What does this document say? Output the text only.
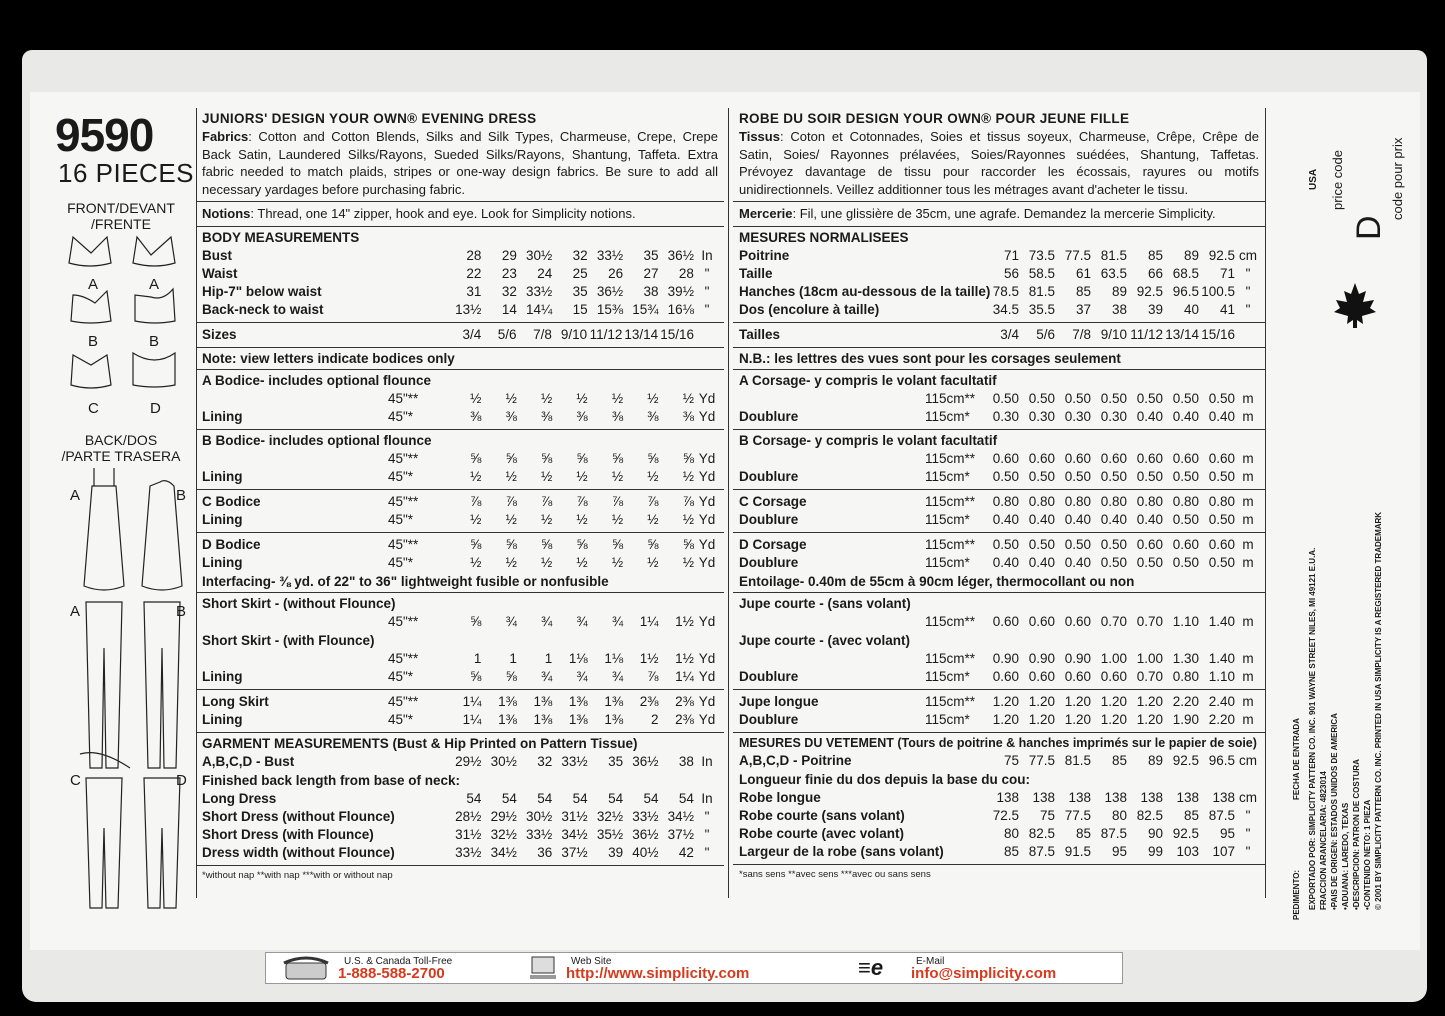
9590
16 PIECES
FRONT/DEVANT
/FRENTE
BACK/DOS
/PARTE TRASERA
A	A
B	B
C	D
A	B
A	B
C	D
JUNIORS' DESIGN YOUR OWN® EVENING DRESS
Fabrics: Cotton and Cotton Blends, Silks and Silk Types, Charmeuse, Crepe, Crepe Back Satin, Laundered Silks/Rayons, Sueded Silks/Rayons, Shantung, Taffeta. Extra fabric needed to match plaids, stripes or one-way design fabrics. Be sure to add all necessary yardages before purchasing fabric.
Notions: Thread, one 14" zipper, hook and eye. Look for Simplicity notions.
BODY MEASUREMENTS
Bust	28	29 30½	32 33½	35 36½ In
Waist	22	23	24	25	26	27	28 "
Hip-7" below waist	31	32 33½	35 36½	38 39½ "
Back-neck to waist	13½	14 14¼	15 15⅜ 15¾ 16⅛ "
Sizes	3/4	5/6	7/8 9/10 11/12 13/14 15/16
Note: view letters indicate bodices only
A Bodice- includes optional flounce
45"**	½	½	½	½	½	½	½ Yd
Lining	45"*	⅜	⅜	⅜	⅜	⅜	⅜	⅜ Yd
B Bodice- includes optional flounce
45"**	⅝	⅝	⅝	⅝	⅝	⅝	⅝ Yd
Lining	45"*	½	½	½	½	½	½	½ Yd
C Bodice	45"**	⅞	⅞	⅞	⅞	⅞	⅞	⅞ Yd
Lining	45"*	½	½	½	½	½	½	½ Yd
D Bodice	45"**	⅝	⅝	⅝	⅝	⅝	⅝	⅝ Yd
Lining	45"*	½	½	½	½	½	½	½ Yd
Interfacing- ⅜ yd. of 22" to 36" lightweight fusible or nonfusible
Short Skirt - (without Flounce)
45"**	⅝	¾	¾	¾	¾	1¼	1½ Yd
Short Skirt - (with Flounce)
45"**	1	1	1	1⅛	1⅛	1½	1½ Yd
Lining	45"*	⅝	⅝	¾	¾	¾	⅞	1¼ Yd
Long Skirt	45"**	1¼	1⅜	1⅜	1⅜	1⅜	2⅜	2⅜ Yd
Lining	45"*	1¼	1⅜	1⅜	1⅜	1⅜	2	2⅜ Yd
GARMENT MEASUREMENTS (Bust & Hip Printed on Pattern Tissue)
A,B,C,D - Bust	29½ 30½	32 33½	35 36½	38 In
Finished back length from base of neck:
Long Dress	54	54	54	54	54	54	54 In
Short Dress (without Flounce)	28½ 29½ 30½ 31½ 32½ 33½ 34½ "
Short Dress (with Flounce)	31½ 32½ 33½ 34½ 35½ 36½ 37½ "
Dress width (without Flounce)	33½ 34½	36 37½	39 40½	42 "
*without nap **with nap ***with or without nap
ROBE DU SOIR DESIGN YOUR OWN® POUR JEUNE FILLE
Tissus: Coton et Cotonnades, Soies et tissus soyeux, Charmeuse, Crêpe, Crêpe de Satin, Soies/ Rayonnes prélavées, Soies/Rayonnes suédées, Shantung, Taffetas. Prévoyez davantage de tissu pour raccorder les écossais, rayures ou motifs unidirectionnels. Veillez additionner tous les métrages avant d'acheter le tissu.
Mercerie: Fil, une glissière de 35cm, une agrafe. Demandez la mercerie Simplicity.
MESURES NORMALISEES
Poitrine	71 73.5 77.5 81.5	85	89 92.5 cm
Taille	56 58.5	61 63.5	66 68.5	71 "
Hanches (18cm au-dessous de la taille) 78.5 81.5	85	89 92.5 96.5 100.5 "
Dos (encolure à taille)	34.5 35.5	37	38	39	40	41 "
Tailles	3/4	5/6	7/8 9/10 11/12 13/14 15/16
N.B.: les lettres des vues sont pour les corsages seulement
A Corsage- y compris le volant facultatif
115cm**	0.50 0.50 0.50 0.50 0.50 0.50 0.50 m
Doublure	115cm*	0.30 0.30 0.30 0.30 0.40 0.40 0.40 m
B Corsage- y compris le volant facultatif
115cm**	0.60 0.60 0.60 0.60 0.60 0.60 0.60 m
Doublure	115cm*	0.50 0.50 0.50 0.50 0.50 0.50 0.50 m
C Corsage	115cm**	0.80 0.80 0.80 0.80 0.80 0.80 0.80 m
Doublure	115cm*	0.40 0.40 0.40 0.40 0.40 0.50 0.50 m
D Corsage	115cm**	0.50 0.50 0.50 0.50 0.60 0.60 0.60 m
Doublure	115cm*	0.40 0.40 0.40 0.50 0.50 0.50 0.50 m
Entoilage- 0.40m de 55cm à 90cm léger, thermocollant ou non
Jupe courte - (sans volant)
115cm**	0.60 0.60 0.60 0.70 0.70 1.10 1.40 m
Jupe courte - (avec volant)
115cm**	0.90 0.90 0.90 1.00 1.00 1.30 1.40 m
Doublure	115cm*	0.60 0.60 0.60 0.60 0.70 0.80 1.10 m
Jupe longue	115cm**	1.20 1.20 1.20 1.20 1.20 2.20 2.40 m
Doublure	115cm*	1.20 1.20 1.20 1.20 1.20 1.90 2.20 m
MESURES DU VETEMENT (Tours de poitrine & hanches imprimés sur le papier de soie)
A,B,C,D - Poitrine	75 77.5 81.5	85	89 92.5 96.5 cm
Longueur finie du dos depuis la base du cou:
Robe longue	138 138 138 138 138 138 138 cm
Robe courte (sans volant)	72.5	75 77.5	80 82.5	85 87.5 "
Robe courte (avec volant)	80 82.5	85 87.5	90 92.5	95 "
Largeur de la robe (sans volant)	85 87.5 91.5	95	99 103 107 "
*sans sens **avec sens ***avec ou sans sens
D
price code	code pour prix
USA
EXPORTADO POR: SIMPLICITY PATTERN CO. INC. 901 WAYNE STREET NILES, MI 49121 E.U.A. FRACCION ARANCELARIA: 4823014 •PAIS DE ORIGEN: ESTADOS UNIDOS DE AMERICA •ADUANA: LAREDO, TEXAS •DESCRIPCION: PATRON DE COSTURA •CONTENIDO NETO: 1 PIEZA © 2001 BY SIMPLICITY PATTERN CO. INC. PRINTED IN USA SIMPLICITY IS A REGISTERED TRADEMARK
PEDIMENTO:
FECHA DE ENTRADA
U.S. & Canada Toll-Free
1-888-588-2700
Web Site
http://www.simplicity.com	≡e	E-Mail
info@simplicity.com
